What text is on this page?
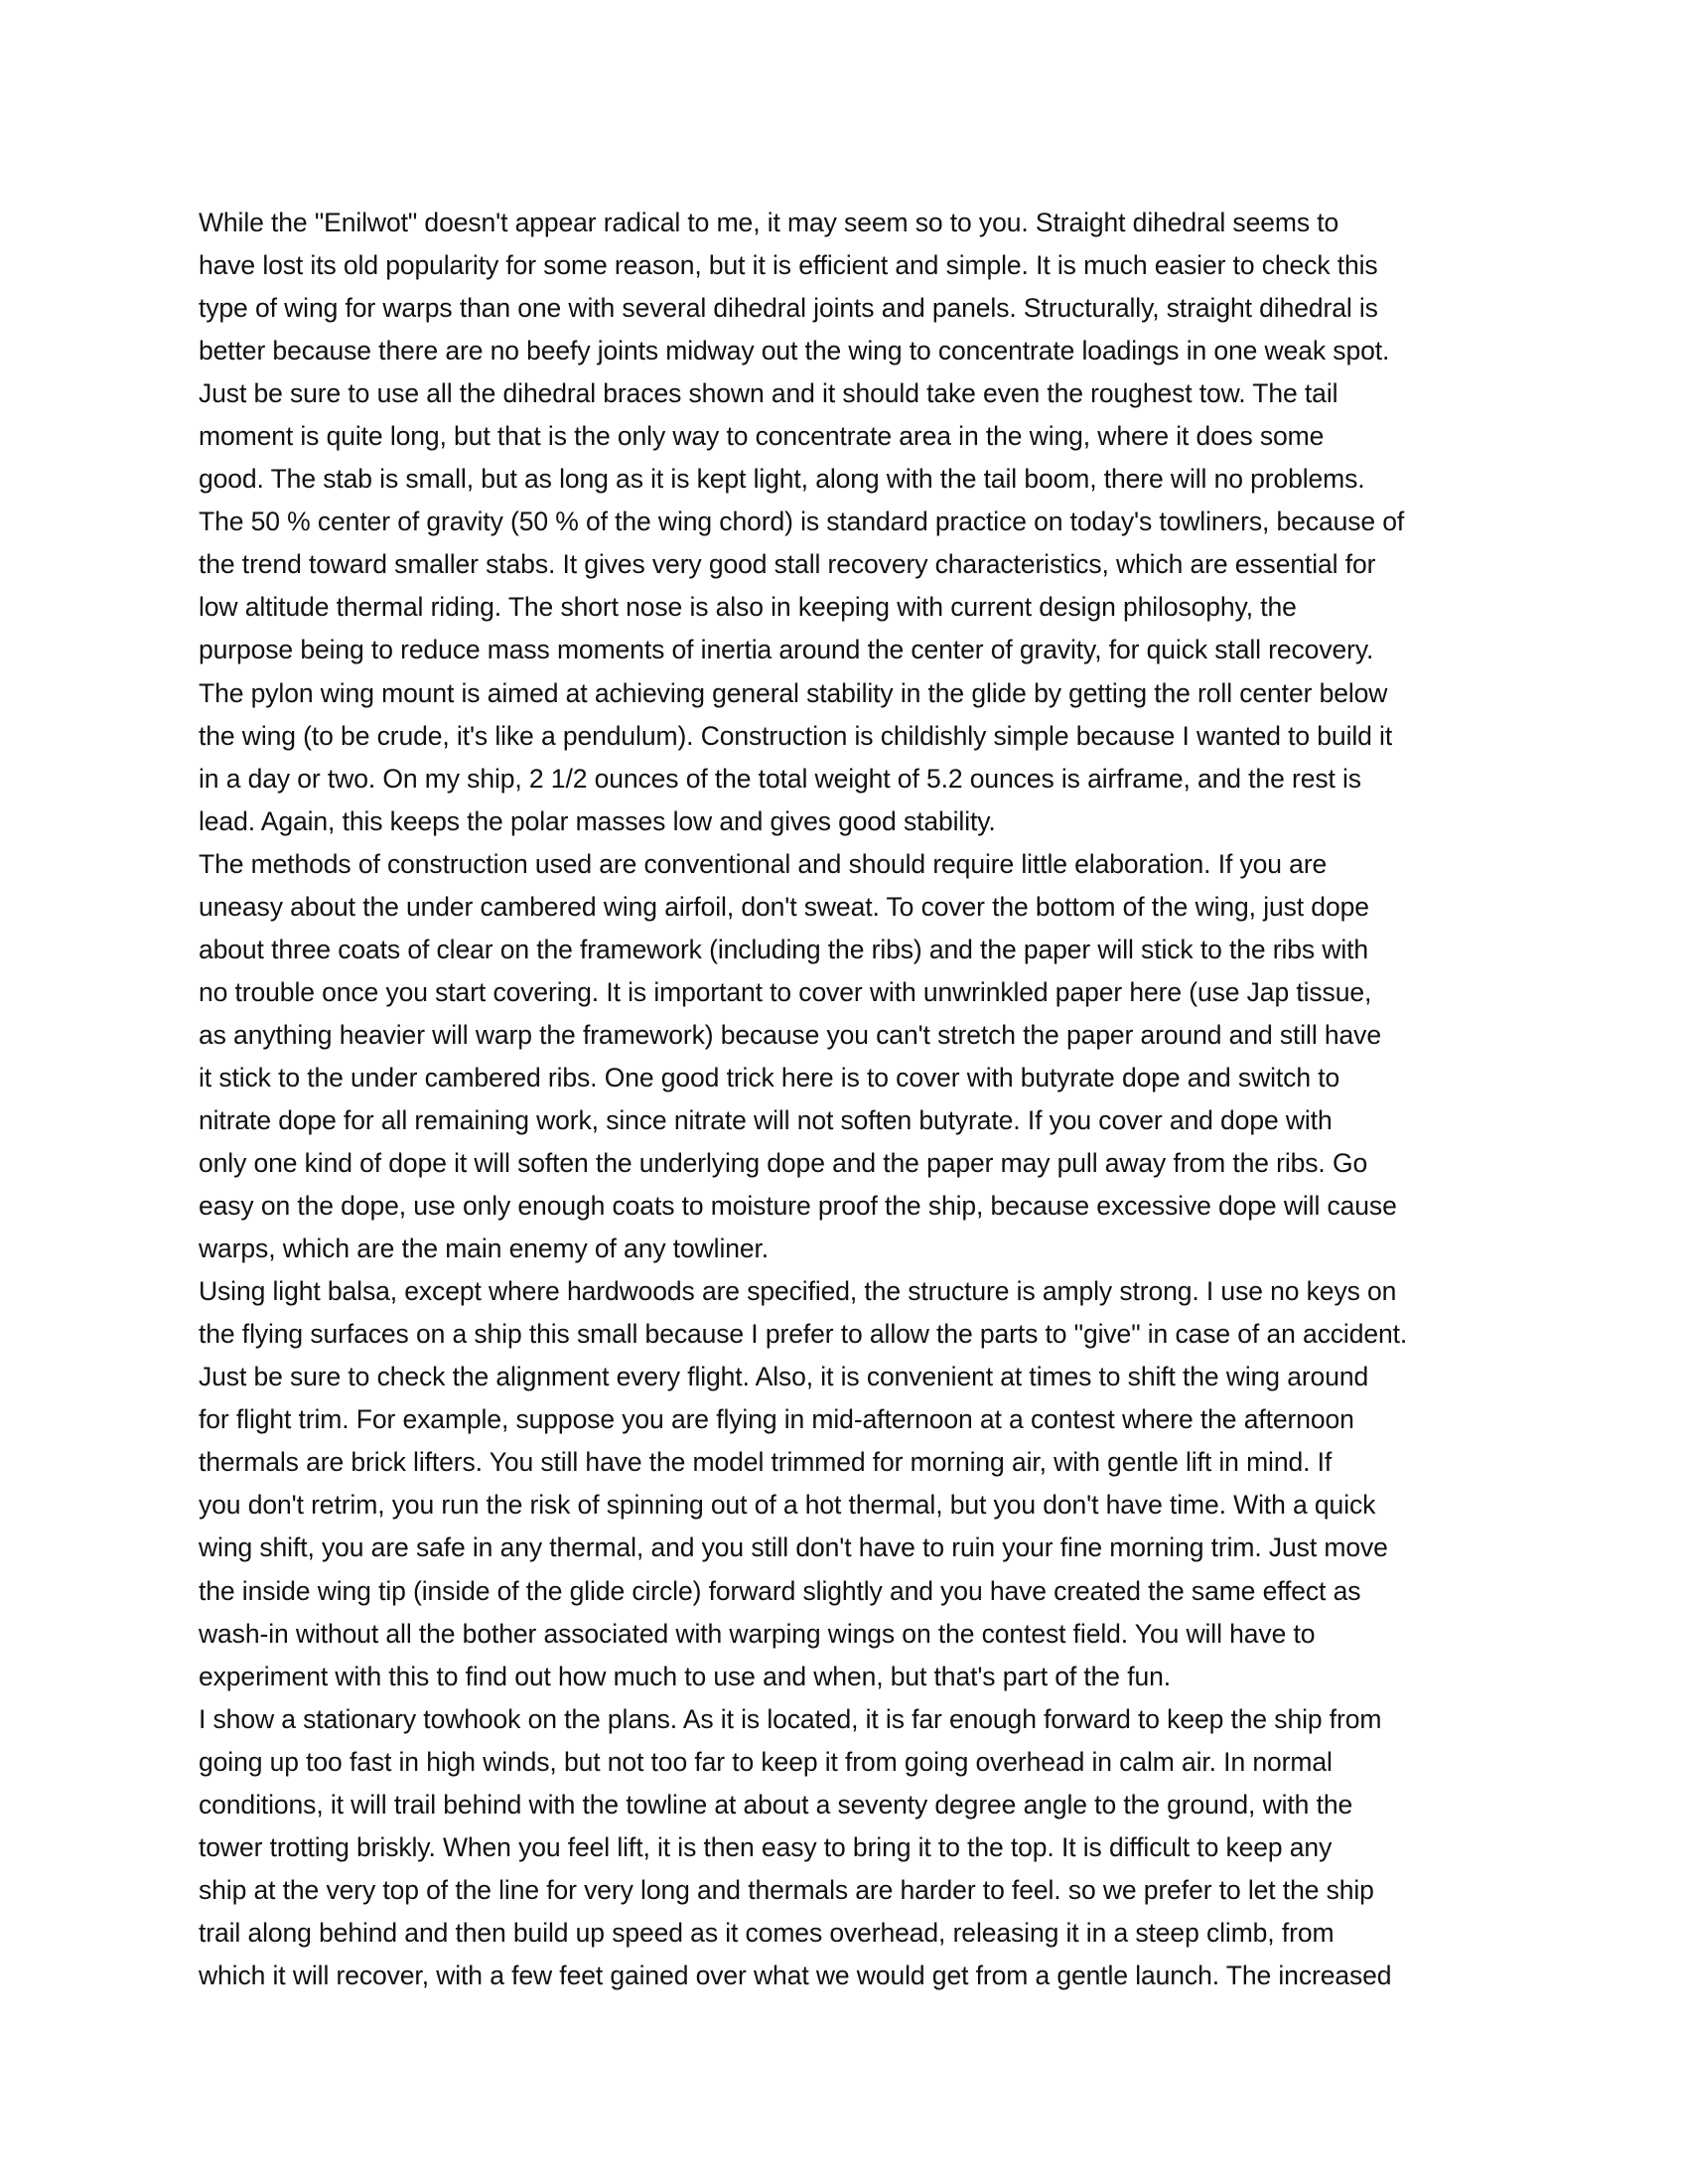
While the "Enilwot" doesn't appear radical to me, it may seem so to you. Straight dihedral seems to
have lost its old popularity for some reason, but it is efficient and simple. It is much easier to check this
type of wing for warps than one with several dihedral joints and panels. Structurally, straight dihedral is
better because there are no beefy joints midway out the wing to concentrate loadings in one weak spot.
Just be sure to use all the dihedral braces shown and it should take even the roughest tow. The tail
moment is quite long, but that is the only way to concentrate area in the wing, where it does some
good. The stab is small, but as long as it is kept light, along with the tail boom, there will no problems.
The 50 % center of gravity (50 % of the wing chord) is standard practice on today's towliners, because of
the trend toward smaller stabs. It gives very good stall recovery characteristics, which are essential for
low altitude thermal riding. The short nose is also in keeping with current design philosophy, the
purpose being to reduce mass moments of inertia around the center of gravity, for quick stall recovery.
The pylon wing mount is aimed at achieving general stability in the glide by getting the roll center below
the wing (to be crude, it's like a pendulum). Construction is childishly simple because I wanted to build it
in a day or two. On my ship, 2 1/2 ounces of the total weight of 5.2 ounces is airframe, and the rest is
lead. Again, this keeps the polar masses low and gives good stability.
The methods of construction used are conventional and should require little elaboration. If you are
uneasy about the under cambered wing airfoil, don't sweat. To cover the bottom of the wing, just dope
about three coats of clear on the framework (including the ribs) and the paper will stick to the ribs with
no trouble once you start covering. It is important to cover with unwrinkled paper here (use Jap tissue,
as anything heavier will warp the framework) because you can't stretch the paper around and still have
it stick to the under cambered ribs. One good trick here is to cover with butyrate dope and switch to
nitrate dope for all remaining work, since nitrate will not soften butyrate. If you cover and dope with
only one kind of dope it will soften the underlying dope and the paper may pull away from the ribs. Go
easy on the dope, use only enough coats to moisture proof the ship, because excessive dope will cause
warps, which are the main enemy of any towliner.
Using light balsa, except where hardwoods are specified, the structure is amply strong. I use no keys on
the flying surfaces on a ship this small because I prefer to allow the parts to "give" in case of an accident.
Just be sure to check the alignment every flight. Also, it is convenient at times to shift the wing around
for flight trim. For example, suppose you are flying in mid-afternoon at a contest where the afternoon
thermals are brick lifters. You still have the model trimmed for morning air, with gentle lift in mind. If
you don't retrim, you run the risk of spinning out of a hot thermal, but you don't have time. With a quick
wing shift, you are safe in any thermal, and you still don't have to ruin your fine morning trim. Just move
the inside wing tip (inside of the glide circle) forward slightly and you have created the same effect as
wash-in without all the bother associated with warping wings on the contest field. You will have to
experiment with this to find out how much to use and when, but that's part of the fun.
I show a stationary towhook on the plans. As it is located, it is far enough forward to keep the ship from
going up too fast in high winds, but not too far to keep it from going overhead in calm air. In normal
conditions, it will trail behind with the towline at about a seventy degree angle to the ground, with the
tower trotting briskly. When you feel lift, it is then easy to bring it to the top. It is difficult to keep any
ship at the very top of the line for very long and thermals are harder to feel. so we prefer to let the ship
trail along behind and then build up speed as it comes overhead, releasing it in a steep climb, from
which it will recover, with a few feet gained over what we would get from a gentle launch. The increased
